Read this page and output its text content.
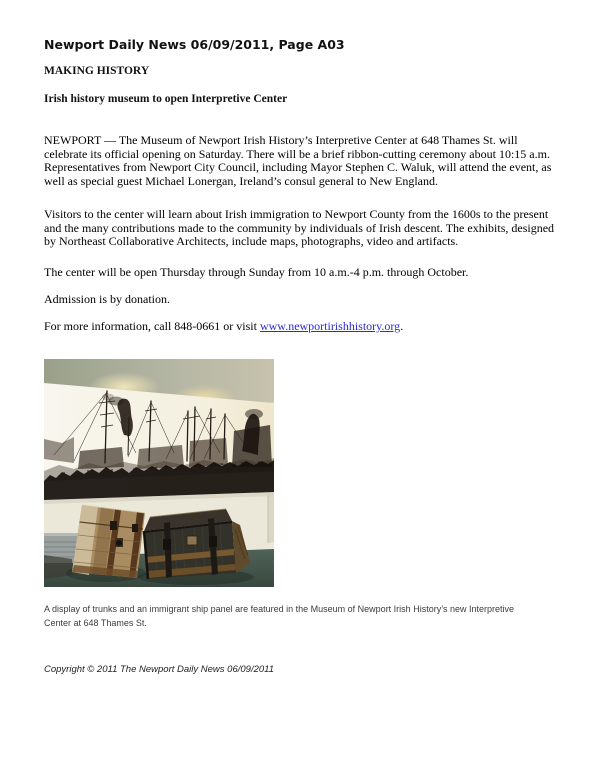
Newport Daily News 06/09/2011, Page A03
MAKING HISTORY
Irish history museum to open Interpretive Center

NEWPORT — The Museum of Newport Irish History’s Interpretive Center at 648 Thames St. will celebrate its official opening on Saturday. There will be a brief ribbon-cutting ceremony about 10:15 a.m. Representatives from Newport City Council, including Mayor Stephen C. Waluk, will attend the event, as well as special guest Michael Lonergan, Ireland’s consul general to New England.

Visitors to the center will learn about Irish immigration to Newport County from the 1600s to the present and the many contributions made to the community by individuals of Irish descent. The exhibits, designed by Northeast Collaborative Architects, include maps, photographs, video and artifacts.

The center will be open Thursday through Sunday from 10 a.m.-4 p.m. through October.

Admission is by donation.

For more information, call 848-0661 or visit www.newportirishhistory.org.

A display of trunks and an immigrant ship panel are featured in the Museum of Newport Irish History’s new Interpretive Center at 648 Thames St.
Copyright © 2011 The Newport Daily News 06/09/2011
